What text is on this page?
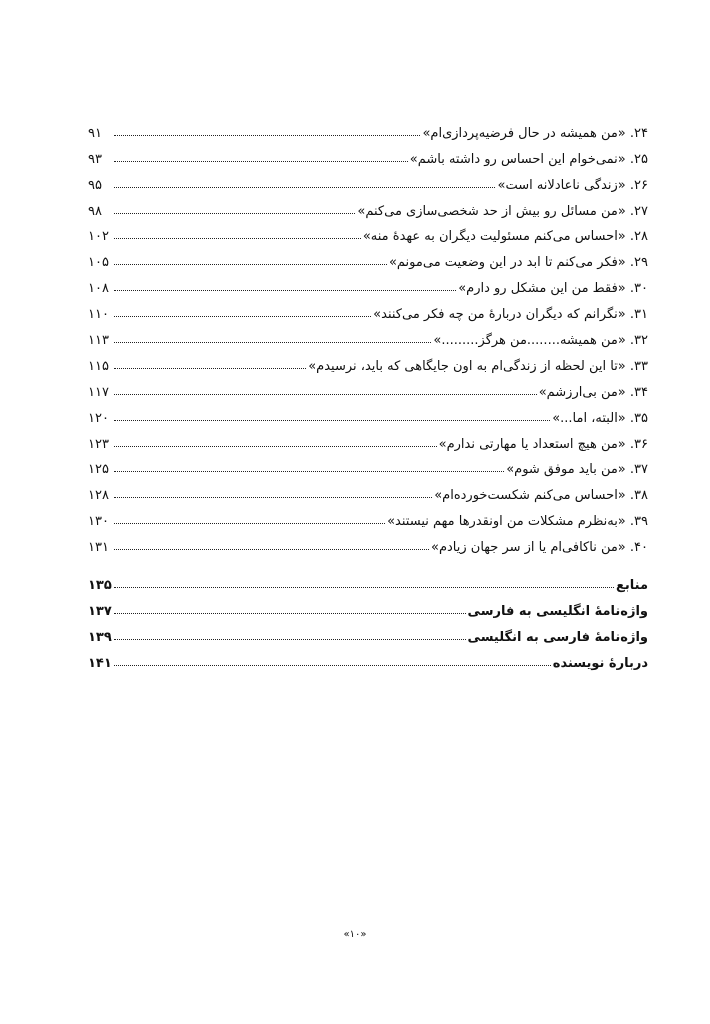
۲۴. «من همیشه در حال فرضیه‌پردازی‌ام»
۹۱
۲۵. «نمی‌خوام این احساس رو داشته باشم»
۹۳
۲۶. «زندگی ناعادلانه است»
۹۵
۲۷. «من مسائل رو بیش از حد شخصی‌سازی می‌کنم»
۹۸
۲۸. «احساس می‌کنم مسئولیت دیگران به عهدهٔ منه»
۱۰۲
۲۹. «فکر می‌کنم تا ابد در این وضعیت می‌مونم»
۱۰۵
۳۰. «فقط من این مشکل رو دارم»
۱۰۸
۳۱. «نگرانم که دیگران دربارهٔ من چه فکر می‌کنند»
۱۱۰
۳۲. «من همیشه........من هرگز.........»
۱۱۳
۳۳. «تا این لحظه از زندگی‌ام به اون جایگاهی که باید، نرسیدم»
۱۱۵
۳۴. «من بی‌ارزشم»
۱۱۷
۳۵. «البته، اما...»
۱۲۰
۳۶. «من هیچ استعداد یا مهارتی ندارم»
۱۲۳
۳۷. «من باید موفق شوم»
۱۲۵
۳۸. «احساس می‌کنم شکست‌خورده‌ام»
۱۲۸
۳۹. «به‌نظرم مشکلات من اونقدرها مهم نیستند»
۱۳۰
۴۰. «من ناکافی‌ام یا از سر جهان زیادم»
۱۳۱
منابع
۱۳۵
واژه‌نامهٔ انگلیسی به فارسی
۱۳۷
واژه‌نامهٔ فارسی به انگلیسی
۱۳۹
دربارهٔ نویسنده
۱۴۱
«۱۰»
